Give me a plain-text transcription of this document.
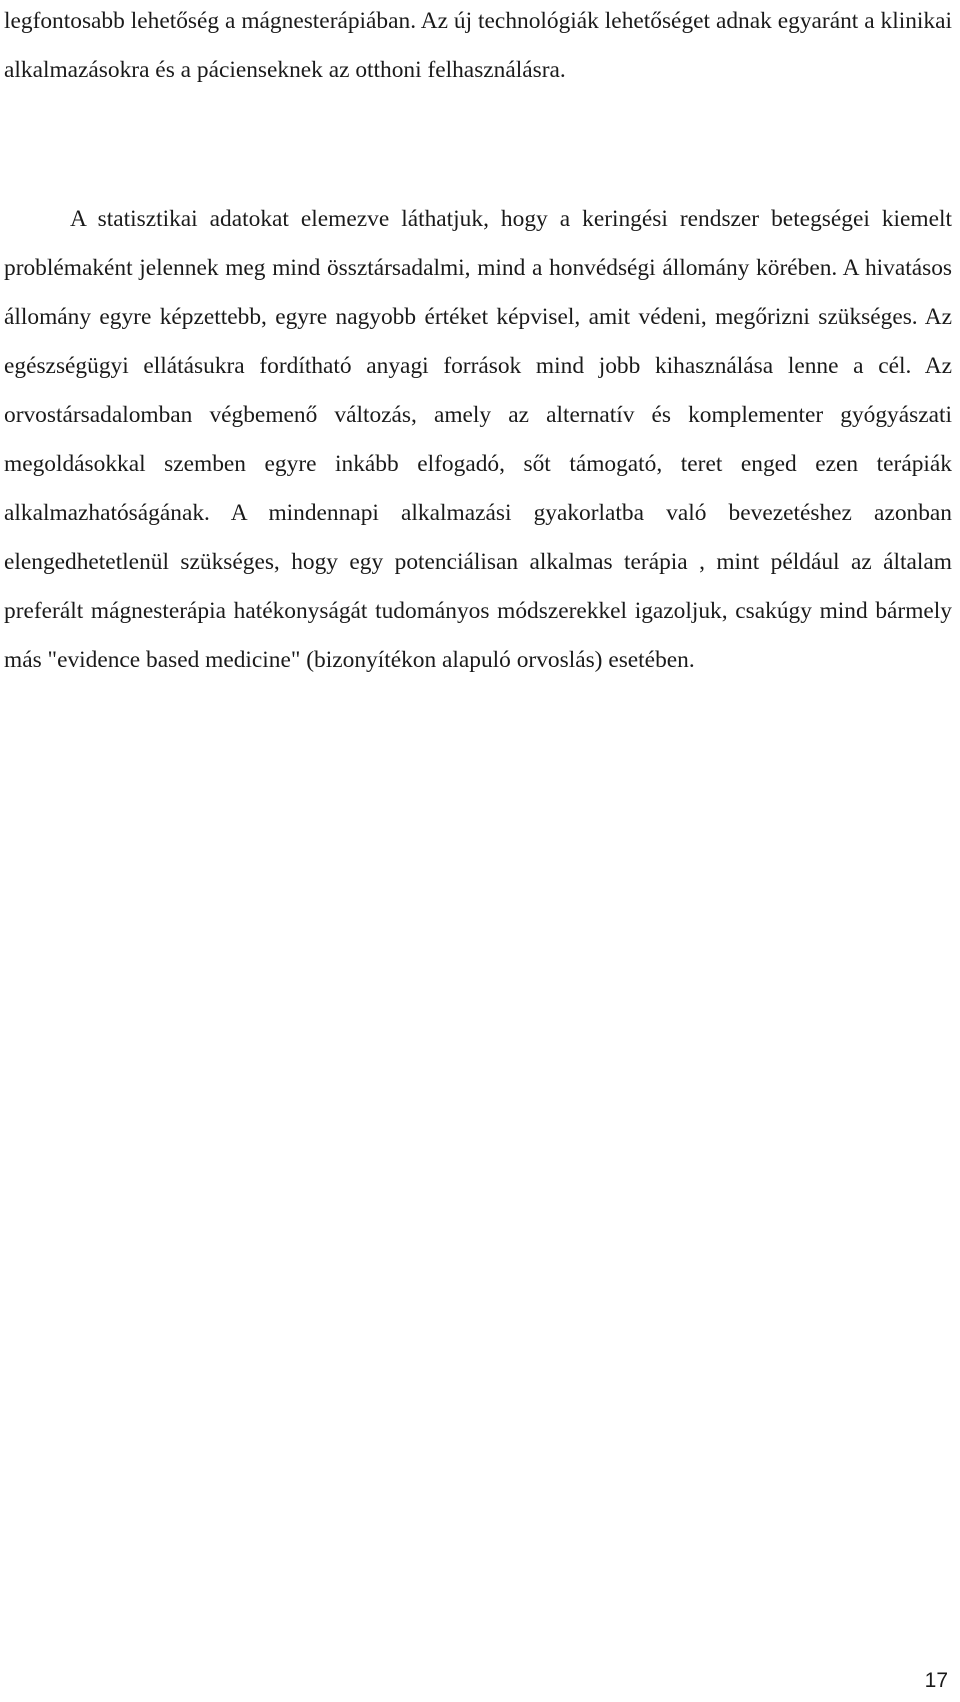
legfontosabb lehetőség a mágnesterápiában. Az új technológiák lehetőséget adnak egyaránt a klinikai alkalmazásokra és a pácienseknek az otthoni felhasználásra.

A statisztikai adatokat elemezve láthatjuk, hogy a keringési rendszer betegségei kiemelt problémaként jelennek meg mind össztársadalmi, mind a honvédségi állomány körében. A hivatásos állomány egyre képzettebb, egyre nagyobb értéket képvisel, amit védeni, megőrizni szükséges. Az egészségügyi ellátásukra fordítható anyagi források mind jobb kihasználása lenne a cél. Az orvostársadalomban végbemenő változás, amely az alternatív és komplementer gyógyászati megoldásokkal szemben egyre inkább elfogadó, sőt támogató, teret enged ezen terápiák alkalmazhatóságának. A mindennapi alkalmazási gyakorlatba való bevezetéshez azonban elengedhetetlenül szükséges, hogy egy potenciálisan alkalmas terápia , mint például az általam preferált mágnesterápia hatékonyságát tudományos módszerekkel igazoljuk, csakúgy mind bármely más "evidence based medicine" (bizonyítékon alapuló orvoslás) esetében.

17
